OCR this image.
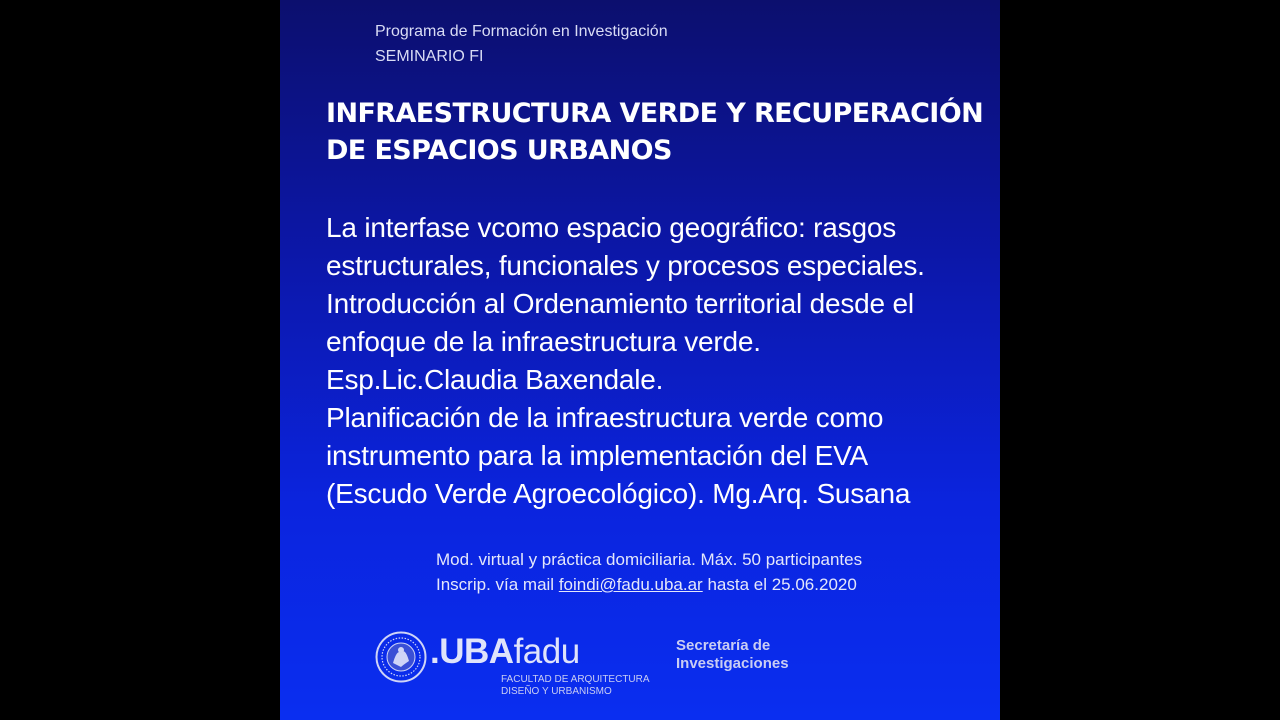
Programa de Formación en Investigación
SEMINARIO FI
INFRAESTRUCTURA VERDE Y RECUPERACIÓN
DE ESPACIOS URBANOS
La interfase vcomo espacio geográfico: rasgos
estructurales, funcionales y procesos especiales.
Introducción al Ordenamiento territorial desde el
enfoque de la infraestructura verde.
Esp.Lic.Claudia Baxendale.
Planificación de la infraestructura verde como
instrumento para la implementación del EVA
(Escudo Verde Agroecológico). Mg.Arq. Susana
Mod. virtual y práctica domiciliaria. Máx. 50 participantes
Inscrip. vía mail foindi@fadu.uba.ar hasta el 25.06.2020
.UBAfadu
FACULTAD DE ARQUITECTURA
DISEÑO Y URBANISMO
Secretaría de
Investigaciones
